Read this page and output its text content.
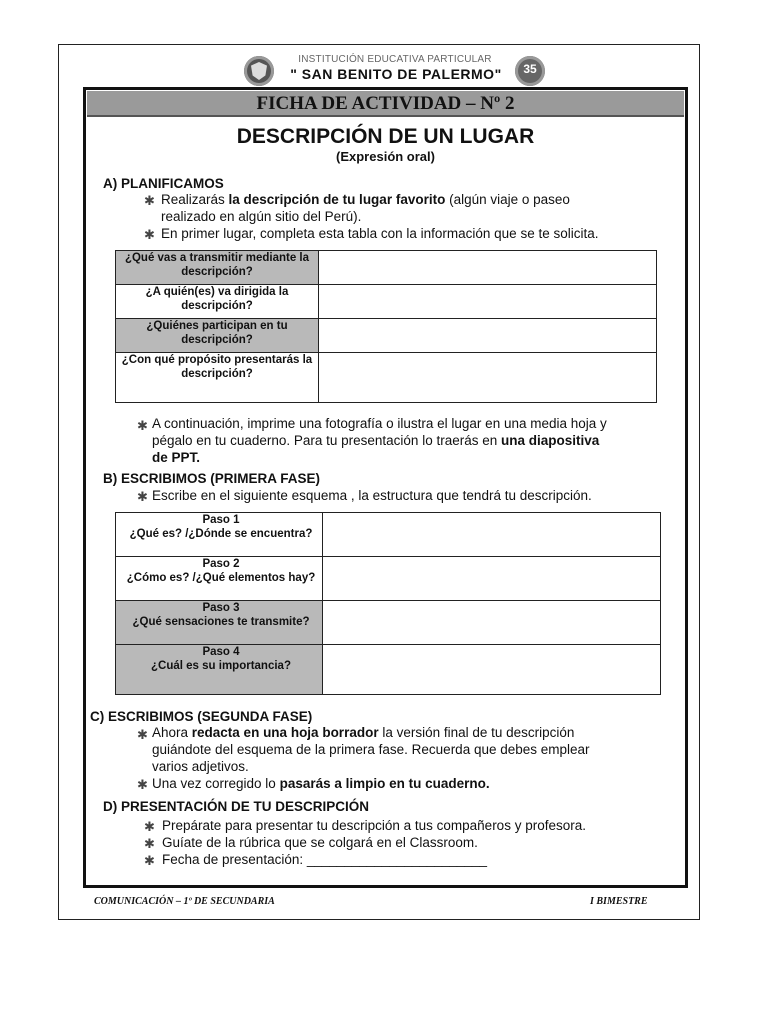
INSTITUCIÓN EDUCATIVA PARTICULAR
" SAN BENITO DE PALERMO"	35
FICHA DE ACTIVIDAD – Nº 2
DESCRIPCIÓN DE UN LUGAR
(Expresión oral)
A) PLANIFICAMOS
✱ Realizarás la descripción de tu lugar favorito (algún viaje o paseo
realizado en algún sitio del Perú).
✱ En primer lugar, completa esta tabla con la información que se te solicita.
¿Qué vas a transmitir mediante la descripción?	
¿A quién(es) va dirigida la descripción?	
¿Quiénes participan en tu descripción?	
¿Con qué propósito presentarás la descripción?	
✱ A continuación, imprime una fotografía o ilustra el lugar en una media hoja y
pégalo en tu cuaderno. Para tu presentación lo traerás en una diapositiva
de PPT.
B) ESCRIBIMOS (PRIMERA FASE)
✱ Escribe en el siguiente esquema , la estructura que tendrá tu descripción.
Paso 1
¿Qué es? /¿Dónde se encuentra?	

Paso 2
¿Cómo es? /¿Qué elementos hay?	

Paso 3
¿Qué sensaciones te transmite?	

Paso 4
¿Cuál es su importancia?	

C) ESCRIBIMOS (SEGUNDA FASE)
✱ Ahora redacta en una hoja borrador la versión final de tu descripción
guiándote del esquema de la primera fase. Recuerda que debes emplear
varios adjetivos.
✱ Una vez corregido lo pasarás a limpio en tu cuaderno.
D) PRESENTACIÓN DE TU DESCRIPCIÓN
✱ Prepárate para presentar tu descripción a tus compañeros y profesora.
✱ Guíate de la rúbrica que se colgará en el Classroom.
✱ Fecha de presentación: ________________________
COMUNICACIÓN – 1º DE SECUNDARIA	I BIMESTRE
